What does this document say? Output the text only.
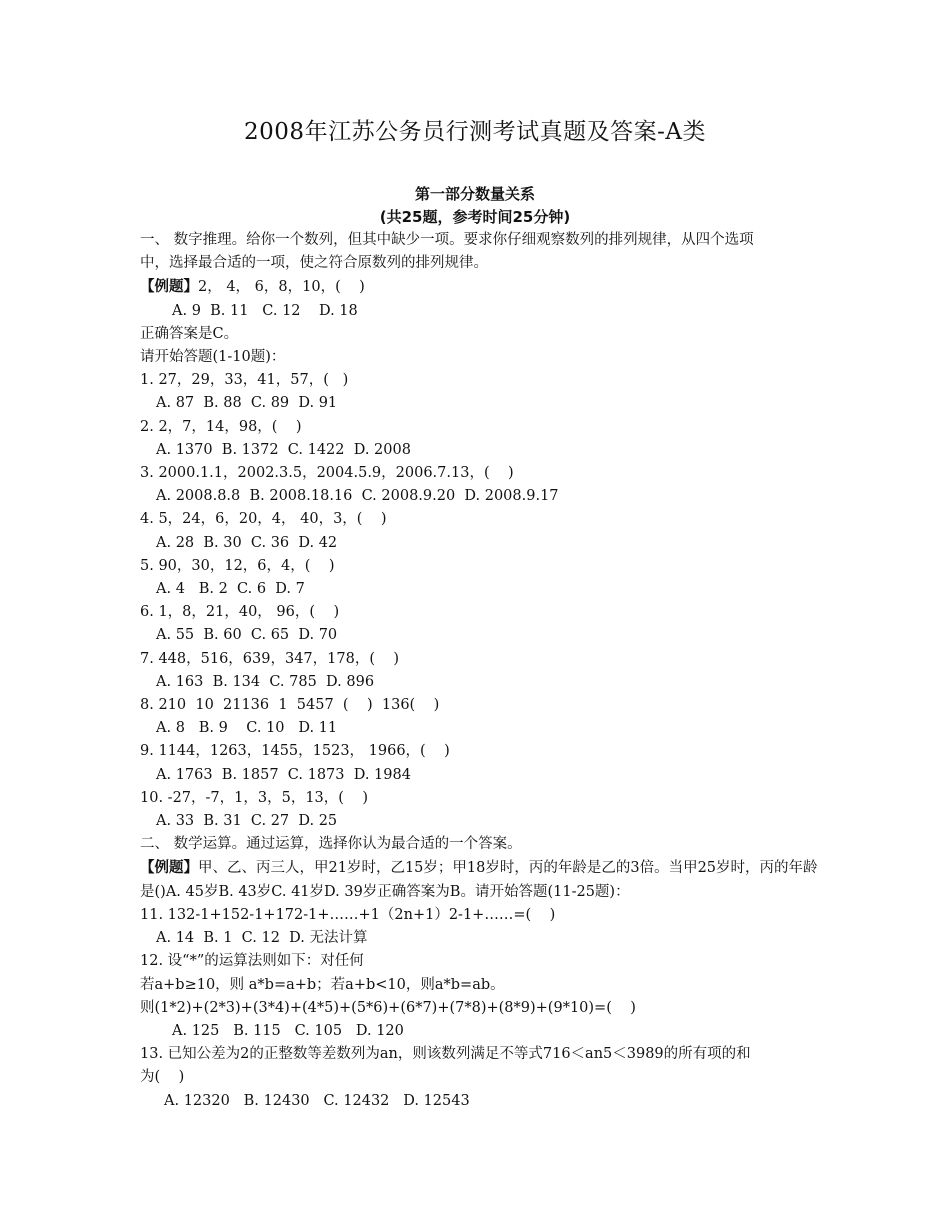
2008年江苏公务员行测考试真题及答案-A类
第一部分数量关系
(共25题，参考时间25分钟)
一、 数字推理。给你一个数列，但其中缺少一项。要求你仔细观察数列的排列规律，从四个选项
中，选择最合适的一项，使之符合原数列的排列规律。
【例题】2， 4， 6，8，10，(    )
A. 9  B. 11   C. 12    D. 18
正确答案是C。
请开始答题(1-10题)：
1. 27，29，33，41，57，(   )
A. 87  B. 88  C. 89  D. 91
2. 2，7，14，98，(    )
A. 1370  B. 1372  C. 1422  D. 2008
3. 2000.1.1，2002.3.5，2004.5.9，2006.7.13，(    )
A. 2008.8.8  B. 2008.18.16  C. 2008.9.20  D. 2008.9.17
4. 5，24，6，20，4， 40，3，(    )
A. 28  B. 30  C. 36  D. 42
5. 90，30，12，6，4，(    )
A. 4   B. 2  C. 6  D. 7
6. 1，8，21，40， 96，(    )
A. 55  B. 60  C. 65  D. 70
7. 448，516，639，347，178，(    )
A. 163  B. 134  C. 785  D. 896
8. 210  10  21136  1  5457  (    )  136(    )
A. 8   B. 9    C. 10   D. 11
9. 1144，1263，1455，1523， 1966，(    )
A. 1763  B. 1857  C. 1873  D. 1984
10. -27，-7，1，3，5，13，(    )
A. 33  B. 31  C. 27  D. 25
二、 数学运算。通过运算，选择你认为最合适的一个答案。
【例题】甲、乙、丙三人，甲21岁时，乙15岁；甲18岁时，丙的年龄是乙的3倍。当甲25岁时，丙的年龄是()A. 45岁B. 43岁C. 41岁D. 39岁正确答案为B。请开始答题(11-25题)：
11. 132-1+152-1+172-1+……+1（2n+1）2-1+……=(    )
A. 14  B. 1  C. 12  D. 无法计算
12. 设“*”的运算法则如下：对任何
若a+b≥10，则 a*b=a+b；若a+b<10，则a*b=ab。
则(1*2)+(2*3)+(3*4)+(4*5)+(5*6)+(6*7)+(7*8)+(8*9)+(9*10)=(    )
A. 125   B. 115   C. 105   D. 120
13. 已知公差为2的正整数等差数列为an，则该数列满足不等式716＜an5＜3989的所有项的和
为(    )
A. 12320   B. 12430   C. 12432   D. 12543
